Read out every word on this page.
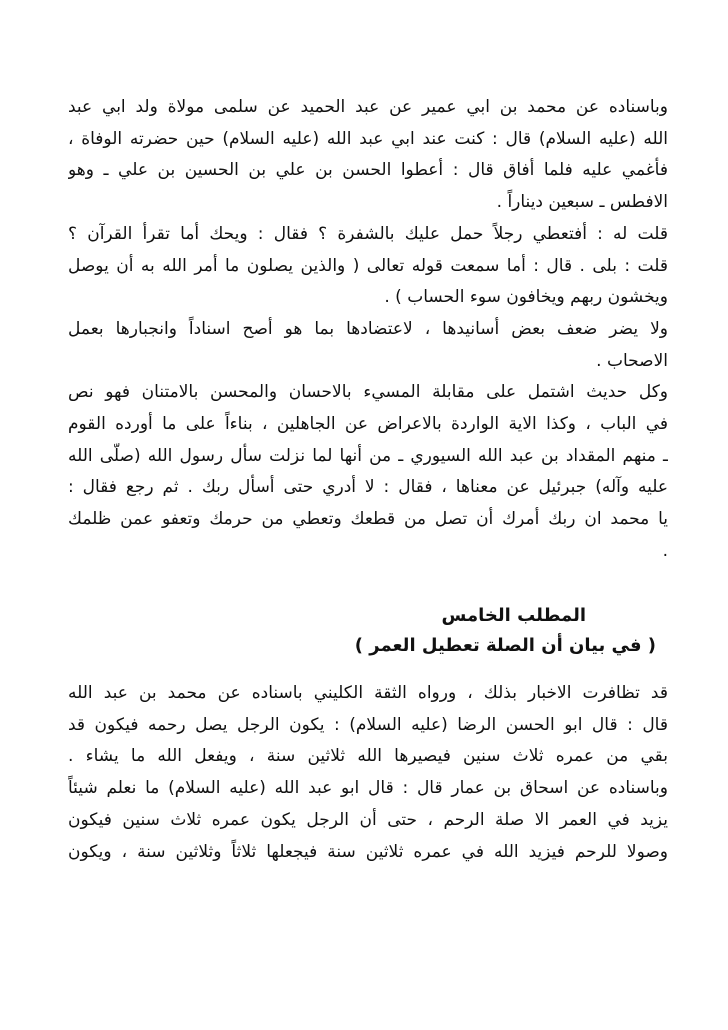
وباسناده عن محمد بن ابي عمير عن عبد الحميد عن سلمى مولاة ولد ابي عبد
الله (عليه السلام) قال : كنت عند ابي عبد الله (عليه السلام) حين حضرته الوفاة ،
فأغمي عليه فلما أفاق قال : أعطوا الحسن بن علي بن الحسين بن علي ـ وهو
الافطس ـ سبعين ديناراً .
قلت له : أفتعطي رجلاً حمل عليك بالشفرة ؟ فقال : ويحك أما تقرأ القرآن ؟
قلت : بلى . قال : أما سمعت قوله تعالى ( والذين يصلون ما أمر الله به أن يوصل
ويخشون ربهم ويخافون سوء الحساب ) .
ولا يضر ضعف بعض أسانيدها ، لاعتضادها بما هو أصح اسناداً وانجبارها بعمل
الاصحاب .
وكل حديث اشتمل على مقابلة المسيء بالاحسان والمحسن بالامتنان فهو نص
في الباب ، وكذا الاية الواردة بالاعراض عن الجاهلين ، بناءاً على ما أورده القوم
ـ منهم المقداد بن عبد الله السيوري ـ من أنها لما نزلت سأل رسول الله (صلّى الله
عليه وآله) جبرئيل عن معناها ، فقال : لا أدري حتى أسأل ربك . ثم رجع فقال :
يا محمد ان ربك أمرك أن تصل من قطعك وتعطي من حرمك وتعفو عمن ظلمك
.
المطلب الخامس
( في بيان أن الصلة تعطيل العمر )
قد تظافرت الاخبار بذلك ، ورواه الثقة الكليني باسناده عن محمد بن عبد الله
قال : قال ابو الحسن الرضا (عليه السلام) : يكون الرجل يصل رحمه فيكون قد
بقي من عمره ثلاث سنين فيصيرها الله ثلاثين سنة ، ويفعل الله ما يشاء .
وباسناده عن اسحاق بن عمار قال : قال ابو عبد الله (عليه السلام) ما نعلم شيئاً
يزيد في العمر الا صلة الرحم ، حتى أن الرجل يكون عمره ثلاث سنين فيكون
وصولا للرحم فيزيد الله في عمره ثلاثين سنة فيجعلها ثلاثاً وثلاثين سنة ، ويكون
